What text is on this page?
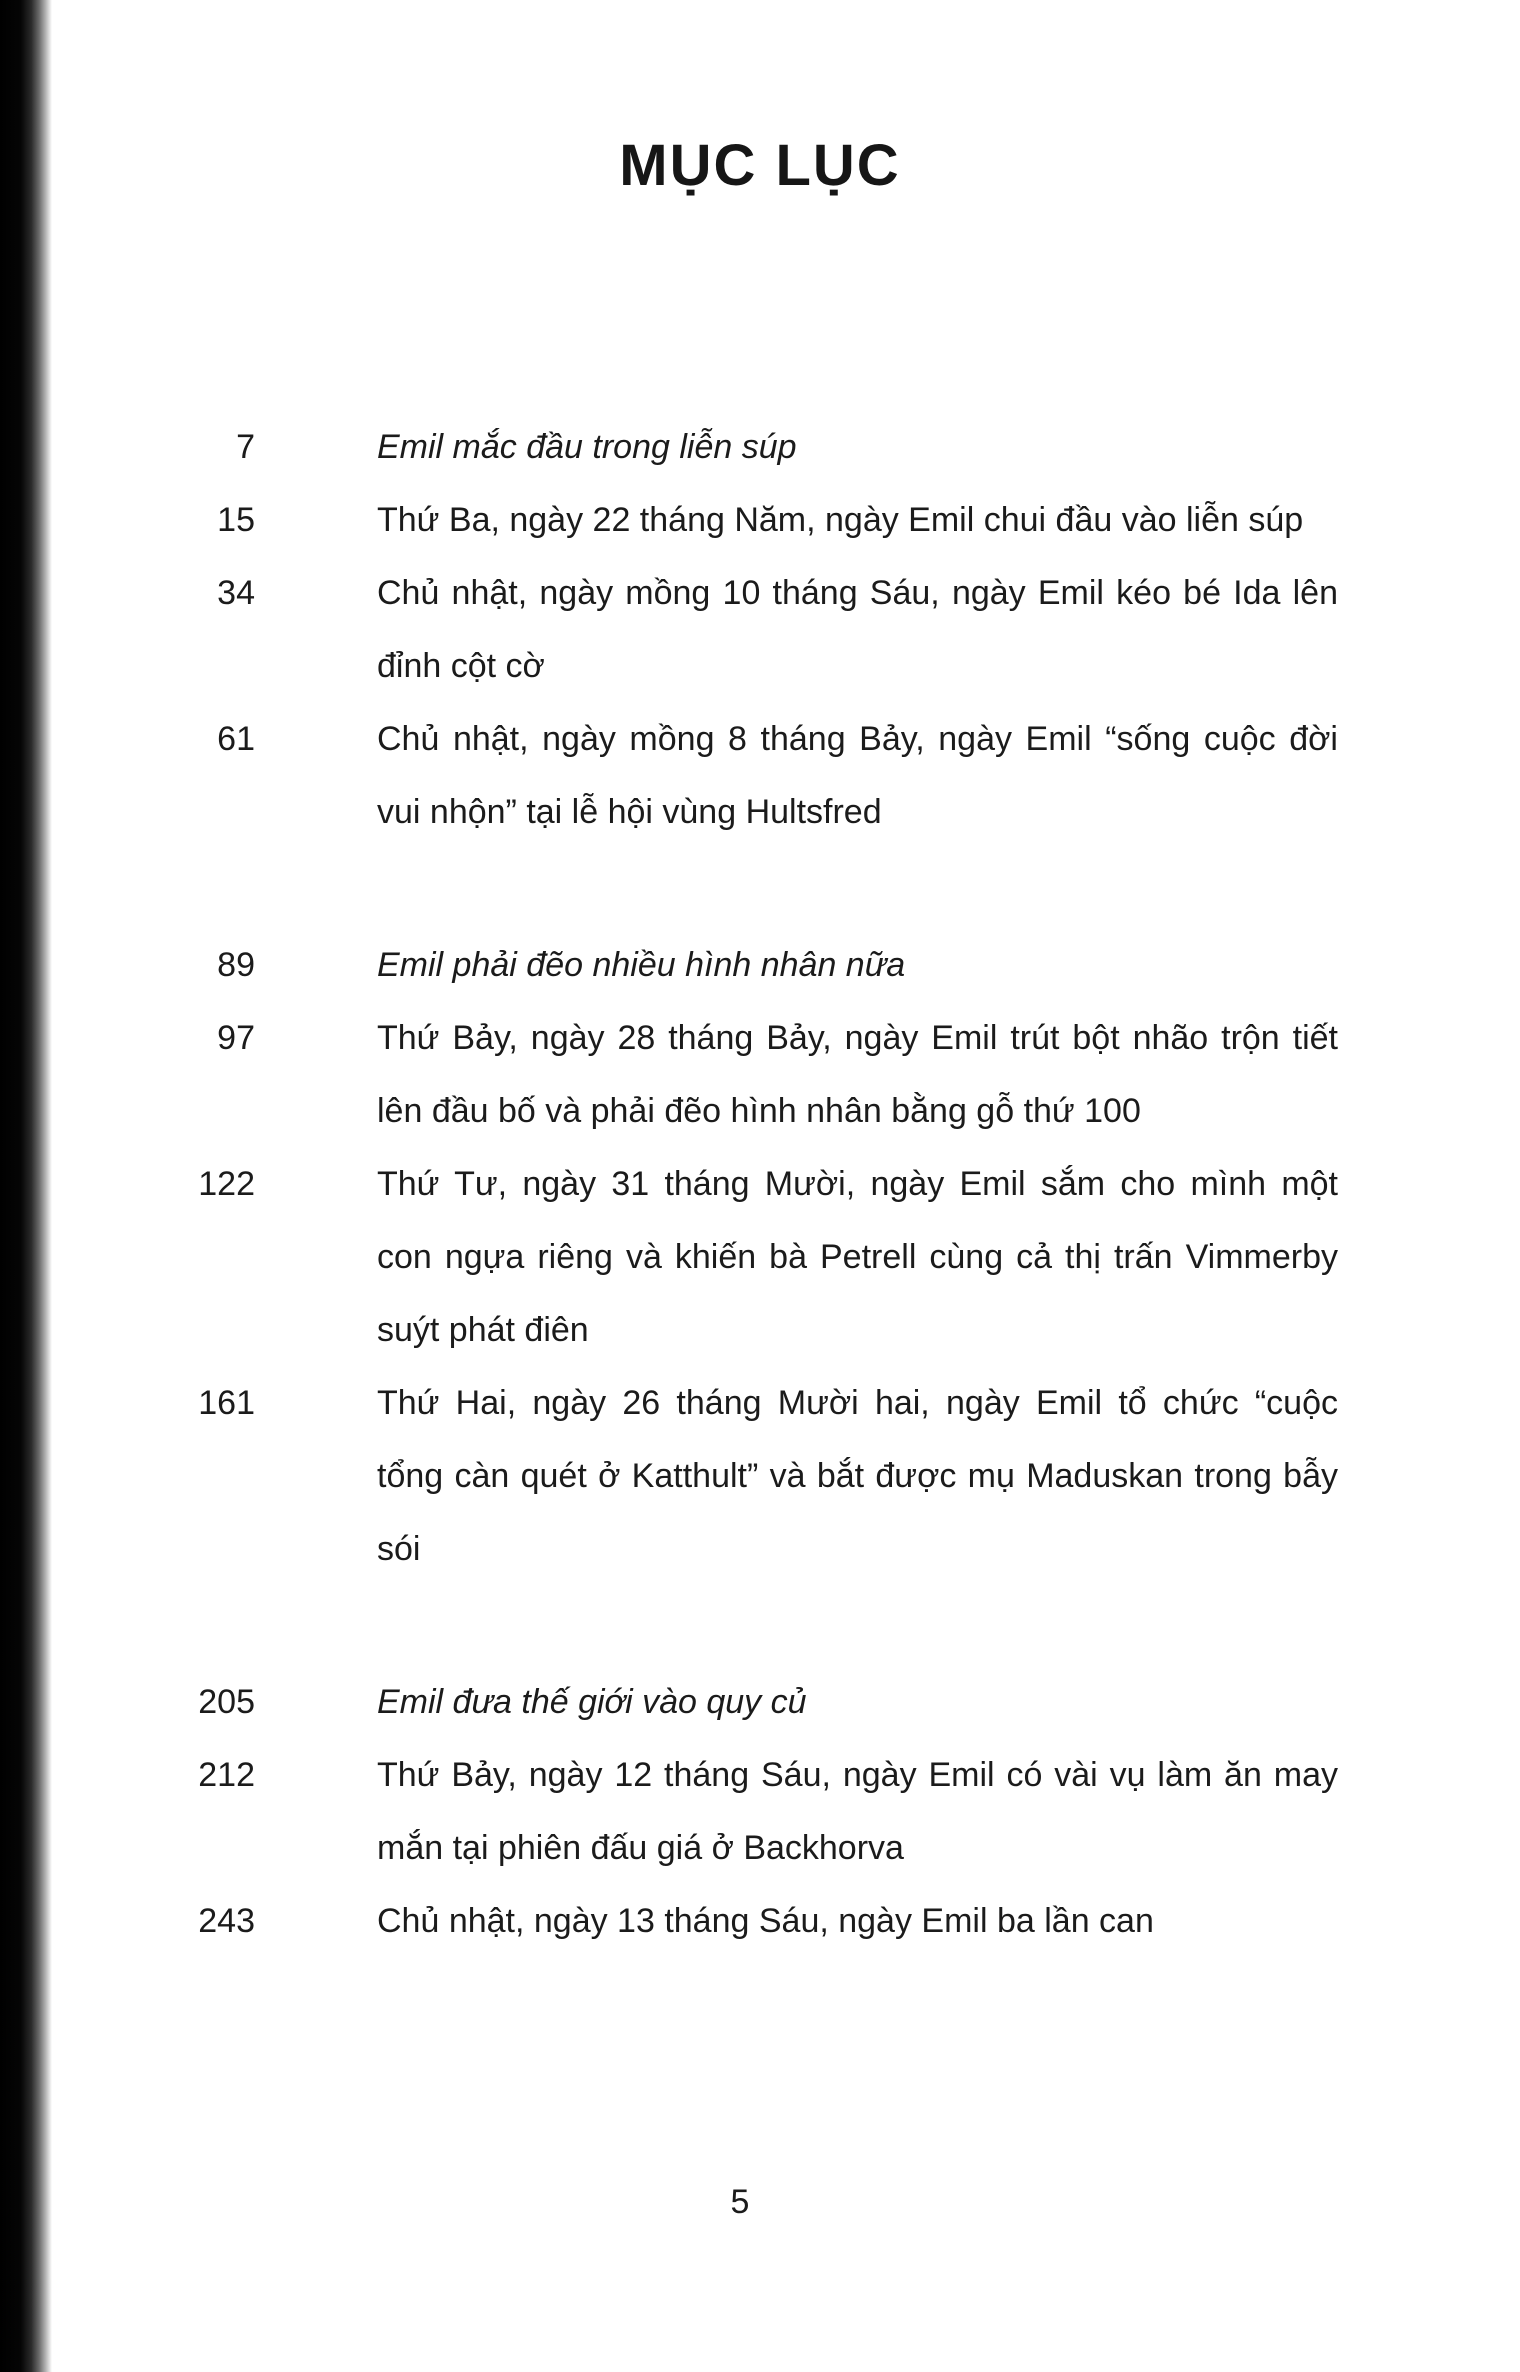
MỤC LỤC
7	Emil mắc đầu trong liễn súp
15	Thứ Ba, ngày 22 tháng Năm, ngày Emil chui đầu vào liễn súp
34	Chủ nhật, ngày mồng 10 tháng Sáu, ngày Emil kéo bé Ida lên đỉnh cột cờ
61	Chủ nhật, ngày mồng 8 tháng Bảy, ngày Emil “sống cuộc đời vui nhộn” tại lễ hội vùng Hultsfred
89	Emil phải đẽo nhiều hình nhân nữa
97	Thứ Bảy, ngày 28 tháng Bảy, ngày Emil trút bột nhão trộn tiết lên đầu bố và phải đẽo hình nhân bằng gỗ thứ 100
122	Thứ Tư, ngày 31 tháng Mười, ngày Emil sắm cho mình một con ngựa riêng và khiến bà Petrell cùng cả thị trấn Vimmerby suýt phát điên
161	Thứ Hai, ngày 26 tháng Mười hai, ngày Emil tổ chức “cuộc tổng càn quét ở Katthult” và bắt được mụ Maduskan trong bẫy sói
205	Emil đưa thế giới vào quy củ
212	Thứ Bảy, ngày 12 tháng Sáu, ngày Emil có vài vụ làm ăn may mắn tại phiên đấu giá ở Backhorva
243	Chủ nhật, ngày 13 tháng Sáu, ngày Emil ba lần can
5
